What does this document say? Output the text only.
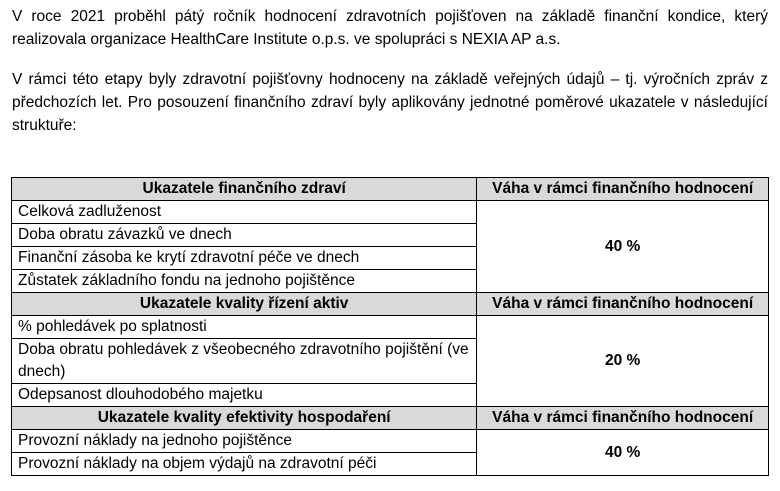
V roce 2021 proběhl pátý ročník hodnocení zdravotních pojišťoven na základě finanční kondice, který realizovala organizace HealthCare Institute o.p.s. ve spolupráci s NEXIA AP a.s.

V rámci této etapy byly zdravotní pojišťovny hodnoceny na základě veřejných údajů – tj. výročních zpráv z předchozích let. Pro posouzení finančního zdraví byly aplikovány jednotné poměrové ukazatele v následující struktuře:

Ukazatele finančního zdraví	Váha v rámci finančního hodnocení
Celková zadluženost	40 %
Doba obratu závazků ve dnech	
Finanční zásoba ke krytí zdravotní péče ve dnech	
Zůstatek základního fondu na jednoho pojištěnce	
Ukazatele kvality řízení aktiv	Váha v rámci finančního hodnocení
% pohledávek po splatnosti	20 %
Doba obratu pohledávek z všeobecného zdravotního pojištění (ve dnech)	
Odepsanost dlouhodobého majetku	
Ukazatele kvality efektivity hospodaření	Váha v rámci finančního hodnocení
Provozní náklady na jednoho pojištěnce	40 %
Provozní náklady na objem výdajů na zdravotní péči	
